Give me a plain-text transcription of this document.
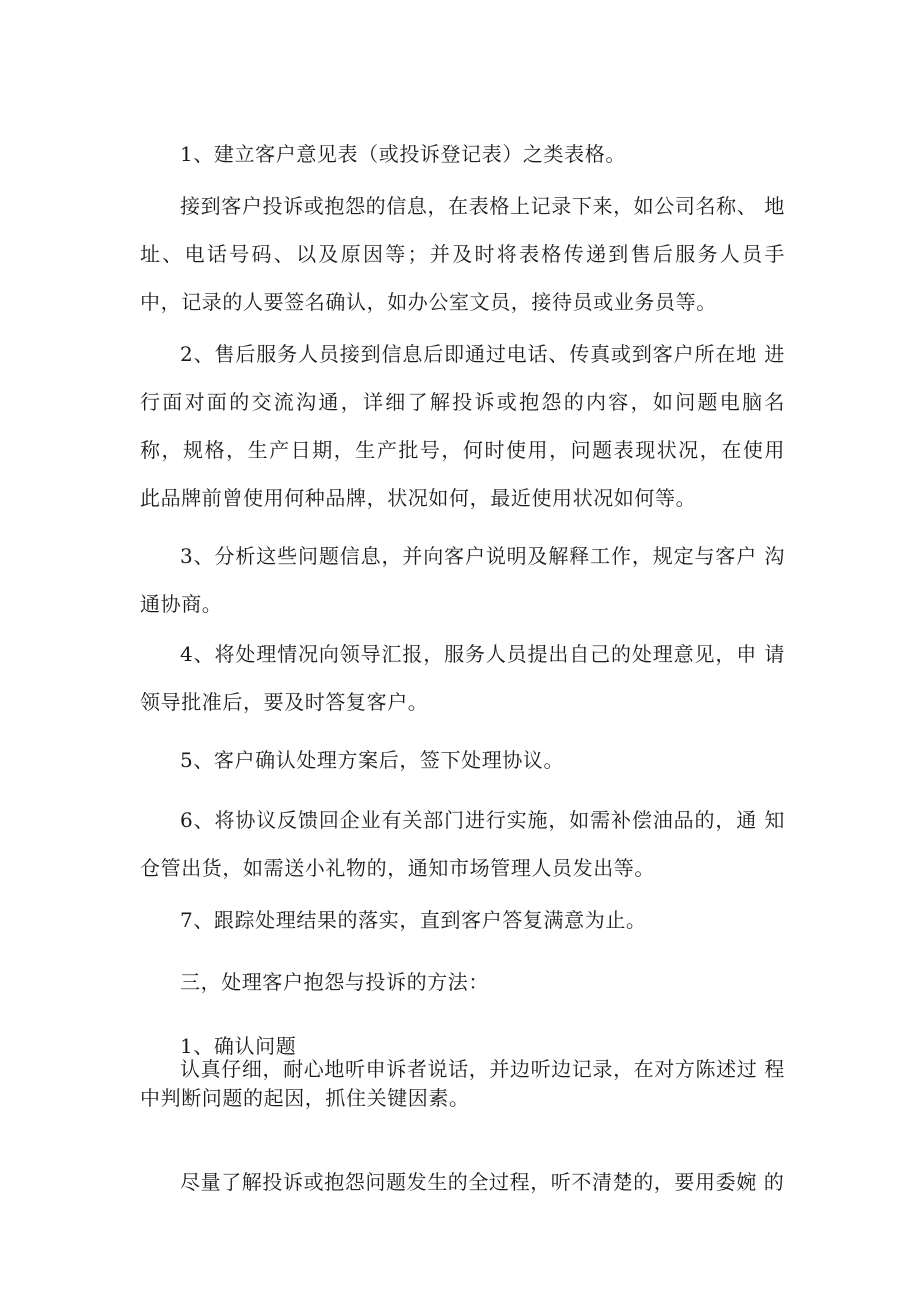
1、建立客户意见表（或投诉登记表）之类表格。

接到客户投诉或抱怨的信息，在表格上记录下来，如公司名称、 地址、电话号码、以及原因等；并及时将表格传递到售后服务人员手 中，记录的人要签名确认，如办公室文员，接待员或业务员等。

2、售后服务人员接到信息后即通过电话、传真或到客户所在地 进行面对面的交流沟通，详细了解投诉或抱怨的内容，如问题电脑名 称，规格，生产日期，生产批号，何时使用，问题表现状况，在使用 此品牌前曾使用何种品牌，状况如何，最近使用状况如何等。

3、分析这些问题信息，并向客户说明及解释工作，规定与客户 沟通协商。

4、将处理情况向领导汇报，服务人员提出自己的处理意见，申 请领导批准后，要及时答复客户。

5、客户确认处理方案后，签下处理协议。

6、将协议反馈回企业有关部门进行实施，如需补偿油品的，通 知仓管出货，如需送小礼物的，通知市场管理人员发出等。

7、跟踪处理结果的落实，直到客户答复满意为止。

三，处理客户抱怨与投诉的方法：

1、确认问题

认真仔细，耐心地听申诉者说话，并边听边记录，在对方陈述过 程中判断问题的起因，抓住关键因素。

尽量了解投诉或抱怨问题发生的全过程，听不清楚的，要用委婉 的
